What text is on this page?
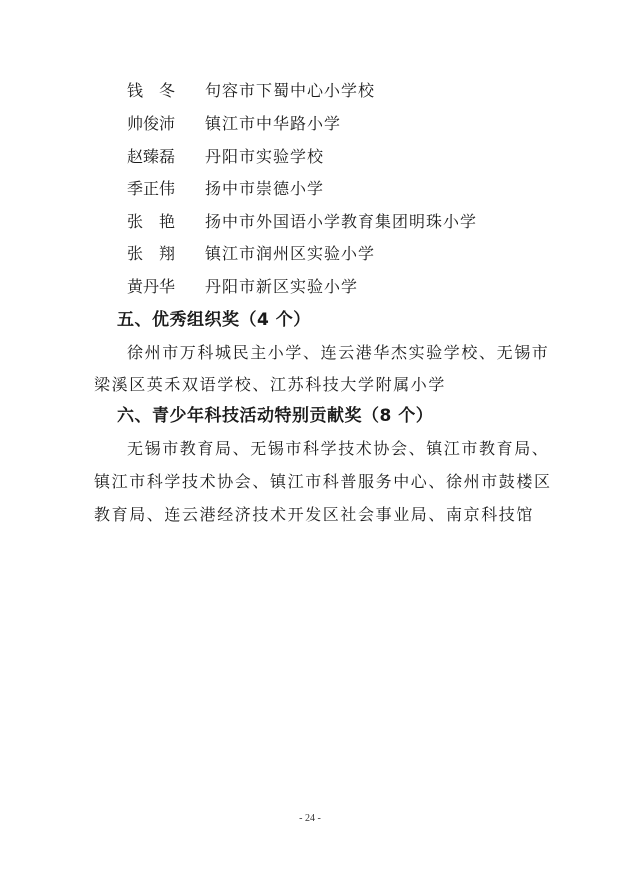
钱　冬 句容市下蜀中心小学校
帅俊沛 镇江市中华路小学
赵臻磊 丹阳市实验学校
季正伟 扬中市崇德小学
张　艳 扬中市外国语小学教育集团明珠小学
张　翔 镇江市润州区实验小学
黄丹华 丹阳市新区实验小学
五、优秀组织奖（4 个）
徐州市万科城民主小学、连云港华杰实验学校、无锡市
梁溪区英禾双语学校、江苏科技大学附属小学
六、青少年科技活动特别贡献奖（8 个）
无锡市教育局、无锡市科学技术协会、镇江市教育局、
镇江市科学技术协会、镇江市科普服务中心、徐州市鼓楼区
教育局、连云港经济技术开发区社会事业局、南京科技馆
- 24 -
